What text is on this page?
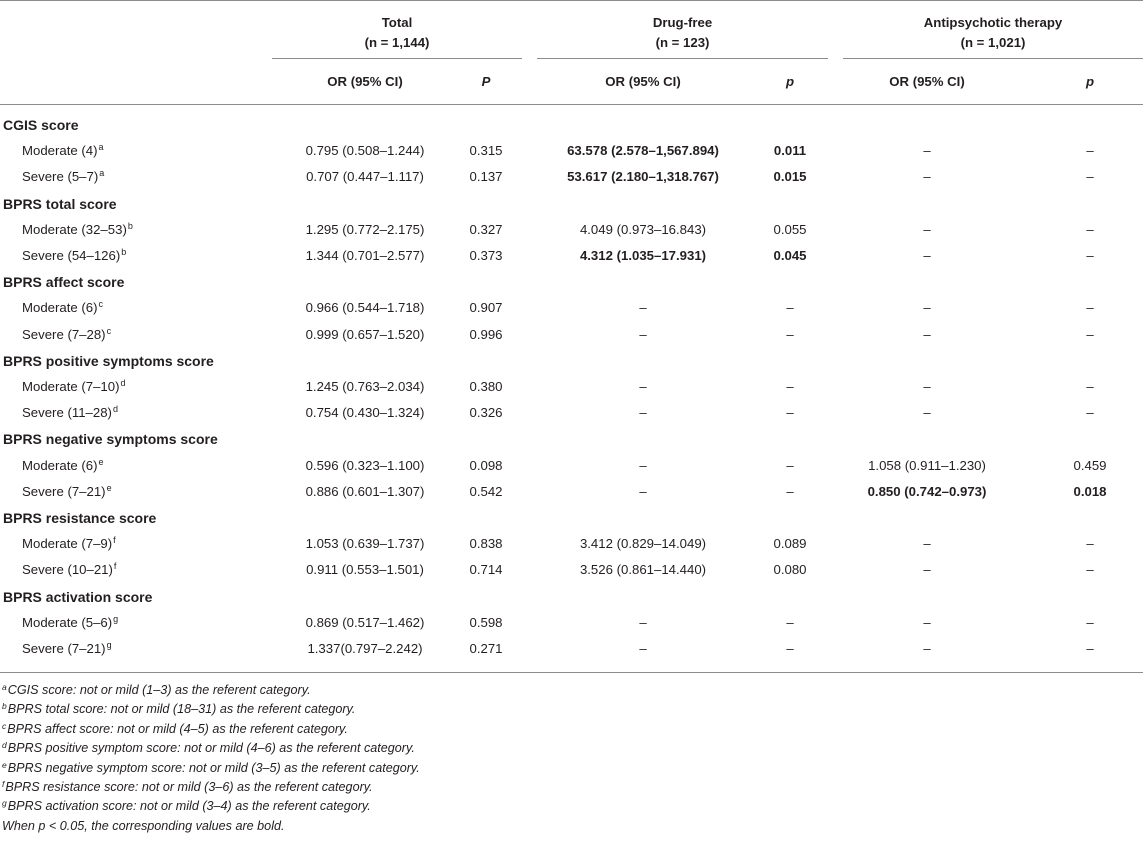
Total
(n = 1,144)
Drug-free
(n = 123)
Antipsychotic therapy
(n = 1,021)
OR (95% CI)	P	OR (95% CI)	p	OR (95% CI)	p
CGIS score
Moderate $(4)^a$	0.795 (0.508–1.244)	0.315	63.578 (2.578–1,567.894)	0.011	–	–
Severe $(5-7)^a$	0.707 (0.447–1.117)	0.137	53.617 (2.180–1,318.767)	0.015	–	–
BPRS total score
Moderate $(32-53)^b$	1.295 (0.772–2.175)	0.327	4.049 (0.973–16.843)	0.055	–	–
Severe $(54-126)^b$	1.344 (0.701–2.577)	0.373	4.312 (1.035–17.931)	0.045	–	–
BPRS affect score
Moderate $(6)^c$	0.966 (0.544–1.718)	0.907	–	–	–	–
Severe $(7-28)^c$	0.999 (0.657–1.520)	0.996	–	–	–	–
BPRS positive symptoms score
Moderate $(7-10)^d$	1.245 (0.763–2.034)	0.380	–	–	–	–
Severe $(11-28)^d$	0.754 (0.430–1.324)	0.326	–	–	–	–
BPRS negative symptoms score
Moderate $(6)^e$	0.596 (0.323–1.100)	0.098	–	–	1.058 (0.911–1.230)	0.459
Severe $(7-21)^e$	0.886 (0.601–1.307)	0.542	–	–	0.850 (0.742–0.973)	0.018
BPRS resistance score
Moderate $(7-9)^f$	1.053 (0.639–1.737)	0.838	3.412 (0.829–14.049)	0.089	–	–
Severe $(10-21)^f$	0.911 (0.553–1.501)	0.714	3.526 (0.861–14.440)	0.080	–	–
BPRS activation score
Moderate $(5-6)^g$	0.869 (0.517–1.462)	0.598	–	–	–	–
Severe $(7-21)^g$	1.337(0.797–2.242)	0.271	–	–	–	–
$^a$CGIS score: not or mild (1–3) as the referent category.
$^b$BPRS total score: not or mild (18–31) as the referent category.
$^c$BPRS affect score: not or mild (4–5) as the referent category.
$^d$BPRS positive symptom score: not or mild (4–6) as the referent category.
$^e$BPRS negative symptom score: not or mild (3–5) as the referent category.
$^f$BPRS resistance score: not or mild (3–6) as the referent category.
$^g$BPRS activation score: not or mild (3–4) as the referent category.
When p < 0.05, the corresponding values are bold.
